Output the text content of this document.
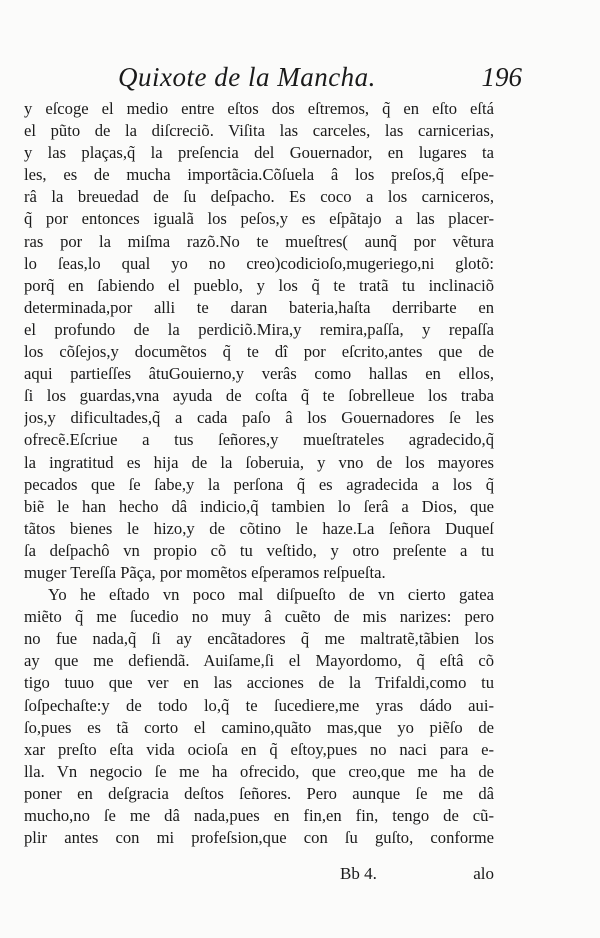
Quixote de la Mancha.	196
y eſcoge el medio entre eſtos dos eſtremos, q̃ en eſto eſtá
el pũto de la diſcreciõ. Viſita las carceles, las carnicerias,
y las plaças,q̃ la preſencia del Gouernador, en lugares ta
les, es de mucha importãcia.Cõſuela â los preſos,q̃ eſpe-
râ la breuedad de ſu deſpacho. Es coco a los carniceros,
q̃ por entonces igualã los peſos,y es eſpãtajo a las placer-
ras por la miſma razõ.No te mueſtres( aunq̃ por vẽtura
lo ſeas,lo qual yo no creo)codicioſo,mugeriego,ni glotõ:
porq̃ en ſabiendo el pueblo, y los q̃ te tratã tu inclinaciõ
determinada,por alli te daran bateria,haſta derribarte en
el profundo de la perdiciõ.Mira,y remira,paſſa, y repaſſa
los cõſejos,y documẽtos q̃ te dî por eſcrito,antes que de
aqui partieſſes âtuGouierno,y verâs como hallas en ellos,
ſi los guardas,vna ayuda de coſta q̃ te ſobrelleue los traba
jos,y dificultades,q̃ a cada paſo â los Gouernadores ſe les
ofrecẽ.Eſcriue a tus ſeñores,y mueſtrateles agradecido,q̃
la ingratitud es hija de la ſoberuia, y vno de los mayores
pecados que ſe ſabe,y la perſona q̃ es agradecida a los q̃
biẽ le han hecho dâ indicio,q̃ tambien lo ſerâ a Dios, que
tãtos bienes le hizo,y de cõtino le haze.La ſeñora Duqueſ
ſa deſpachô vn propio cõ tu veſtido, y otro preſente a tu
muger Tereſſa Pãça, por momẽtos eſperamos reſpueſta.
Yo he eſtado vn poco mal diſpueſto de vn cierto gatea
miẽto q̃ me ſucedio no muy â cuẽto de mis narizes: pero
no fue nada,q̃ ſi ay encãtadores q̃ me maltratẽ,tãbien los
ay que me defiendã. Auiſame,ſi el Mayordomo, q̃ eſtâ cõ
tigo tuuo que ver en las acciones de la Trifaldi,como tu
ſoſpechaſte:y de todo lo,q̃ te ſucediere,me yras dádo aui-
ſo,pues es tã corto el camino,quãto mas,que yo piẽſo de
xar preſto eſta vida ocioſa en q̃ eſtoy,pues no naci para e-
lla. Vn negocio ſe me ha ofrecido, que creo,que me ha de
poner en deſgracia deſtos ſeñores. Pero aunque ſe me dâ
mucho,no ſe me dâ nada,pues en fin,en fin, tengo de cũ-
plir antes con mi profeſsion,que con ſu guſto, conforme
Bb 4.	alo
